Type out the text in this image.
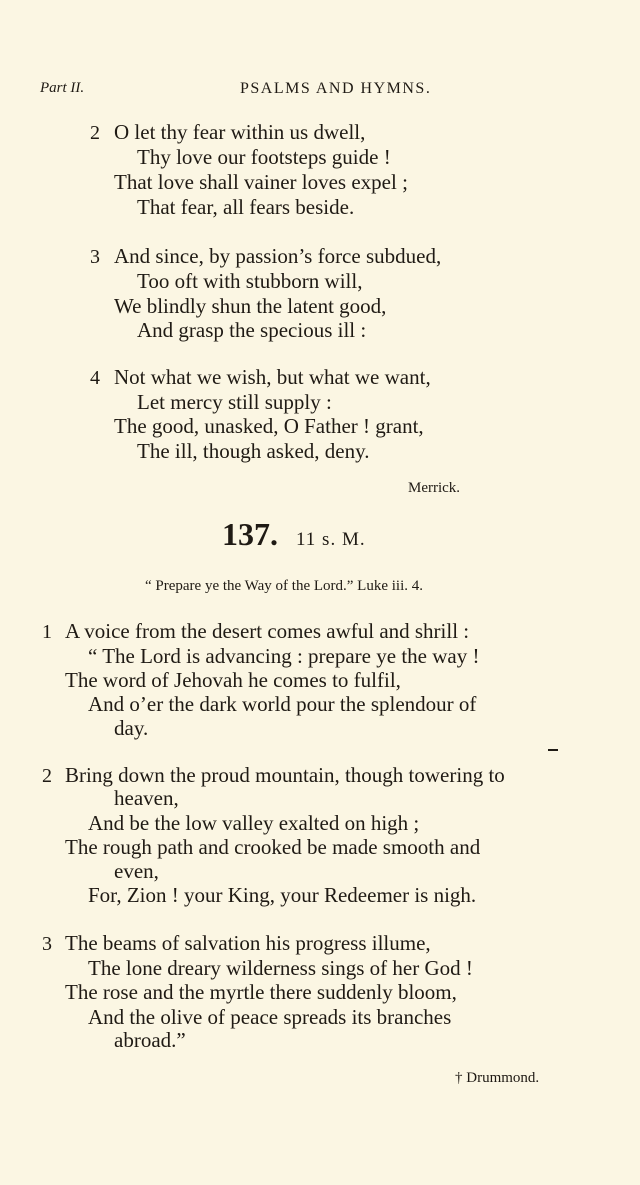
Part II.	PSALMS AND HYMNS.
2 O let thy fear within us dwell,
Thy love our footsteps guide !
That love shall vainer loves expel ;
That fear, all fears beside.
3 And since, by passion’s force subdued,
Too oft with stubborn will,
We blindly shun the latent good,
And grasp the specious ill :
4 Not what we wish, but what we want,
Let mercy still supply :
The good, unasked, O Father ! grant,
The ill, though asked, deny.
Merrick.
137. 11 s. M.
“ Prepare ye the Way of the Lord.” Luke iii. 4.
1 A voice from the desert comes awful and shrill :
“ The Lord is advancing : prepare ye the way !
The word of Jehovah he comes to fulfil,
And o’er the dark world pour the splendour of
day.
2 Bring down the proud mountain, though towering to
heaven,
And be the low valley exalted on high ;
The rough path and crooked be made smooth and
even,
For, Zion ! your King, your Redeemer is nigh.
3 The beams of salvation his progress illume,
The lone dreary wilderness sings of her God !
The rose and the myrtle there suddenly bloom,
And the olive of peace spreads its branches
abroad.”
† Drummond.
